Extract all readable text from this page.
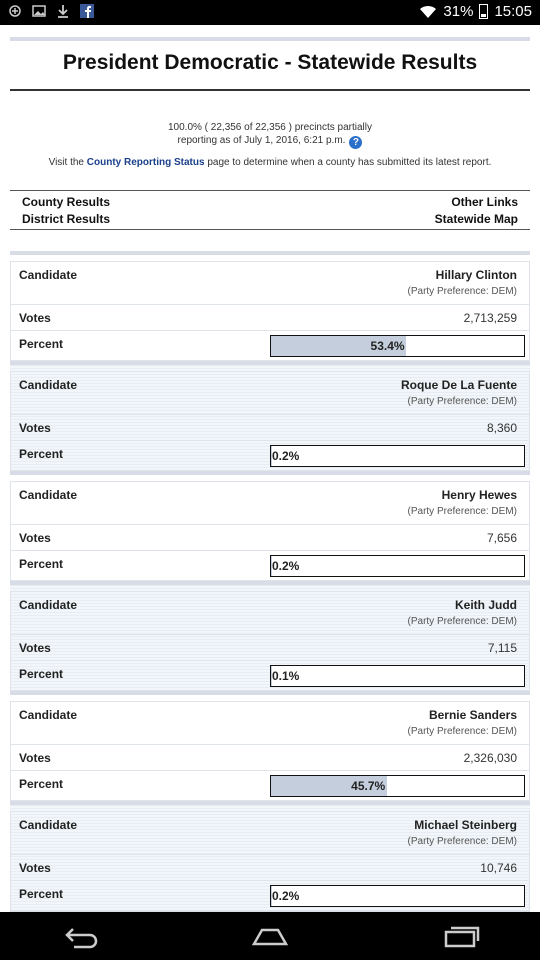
31% 15:05
President Democratic - Statewide Results
100.0% ( 22,356 of 22,356 ) precincts partially
reporting as of July 1, 2016, 6:21 p.m. ?
Visit the County Reporting Status page to determine when a county has submitted its latest report.
County Results
District Results
Other Links
Statewide Map
Candidate	Hillary Clinton
(Party Preference: DEM)
Votes	2,713,259
Percent	53.4%
Candidate	Roque De La Fuente
(Party Preference: DEM)
Votes	8,360
Percent	0.2%
Candidate	Henry Hewes
(Party Preference: DEM)
Votes	7,656
Percent	0.2%
Candidate	Keith Judd
(Party Preference: DEM)
Votes	7,115
Percent	0.1%
Candidate	Bernie Sanders
(Party Preference: DEM)
Votes	2,326,030
Percent	45.7%
Candidate	Michael Steinberg
(Party Preference: DEM)
Votes	10,746
Percent	0.2%
